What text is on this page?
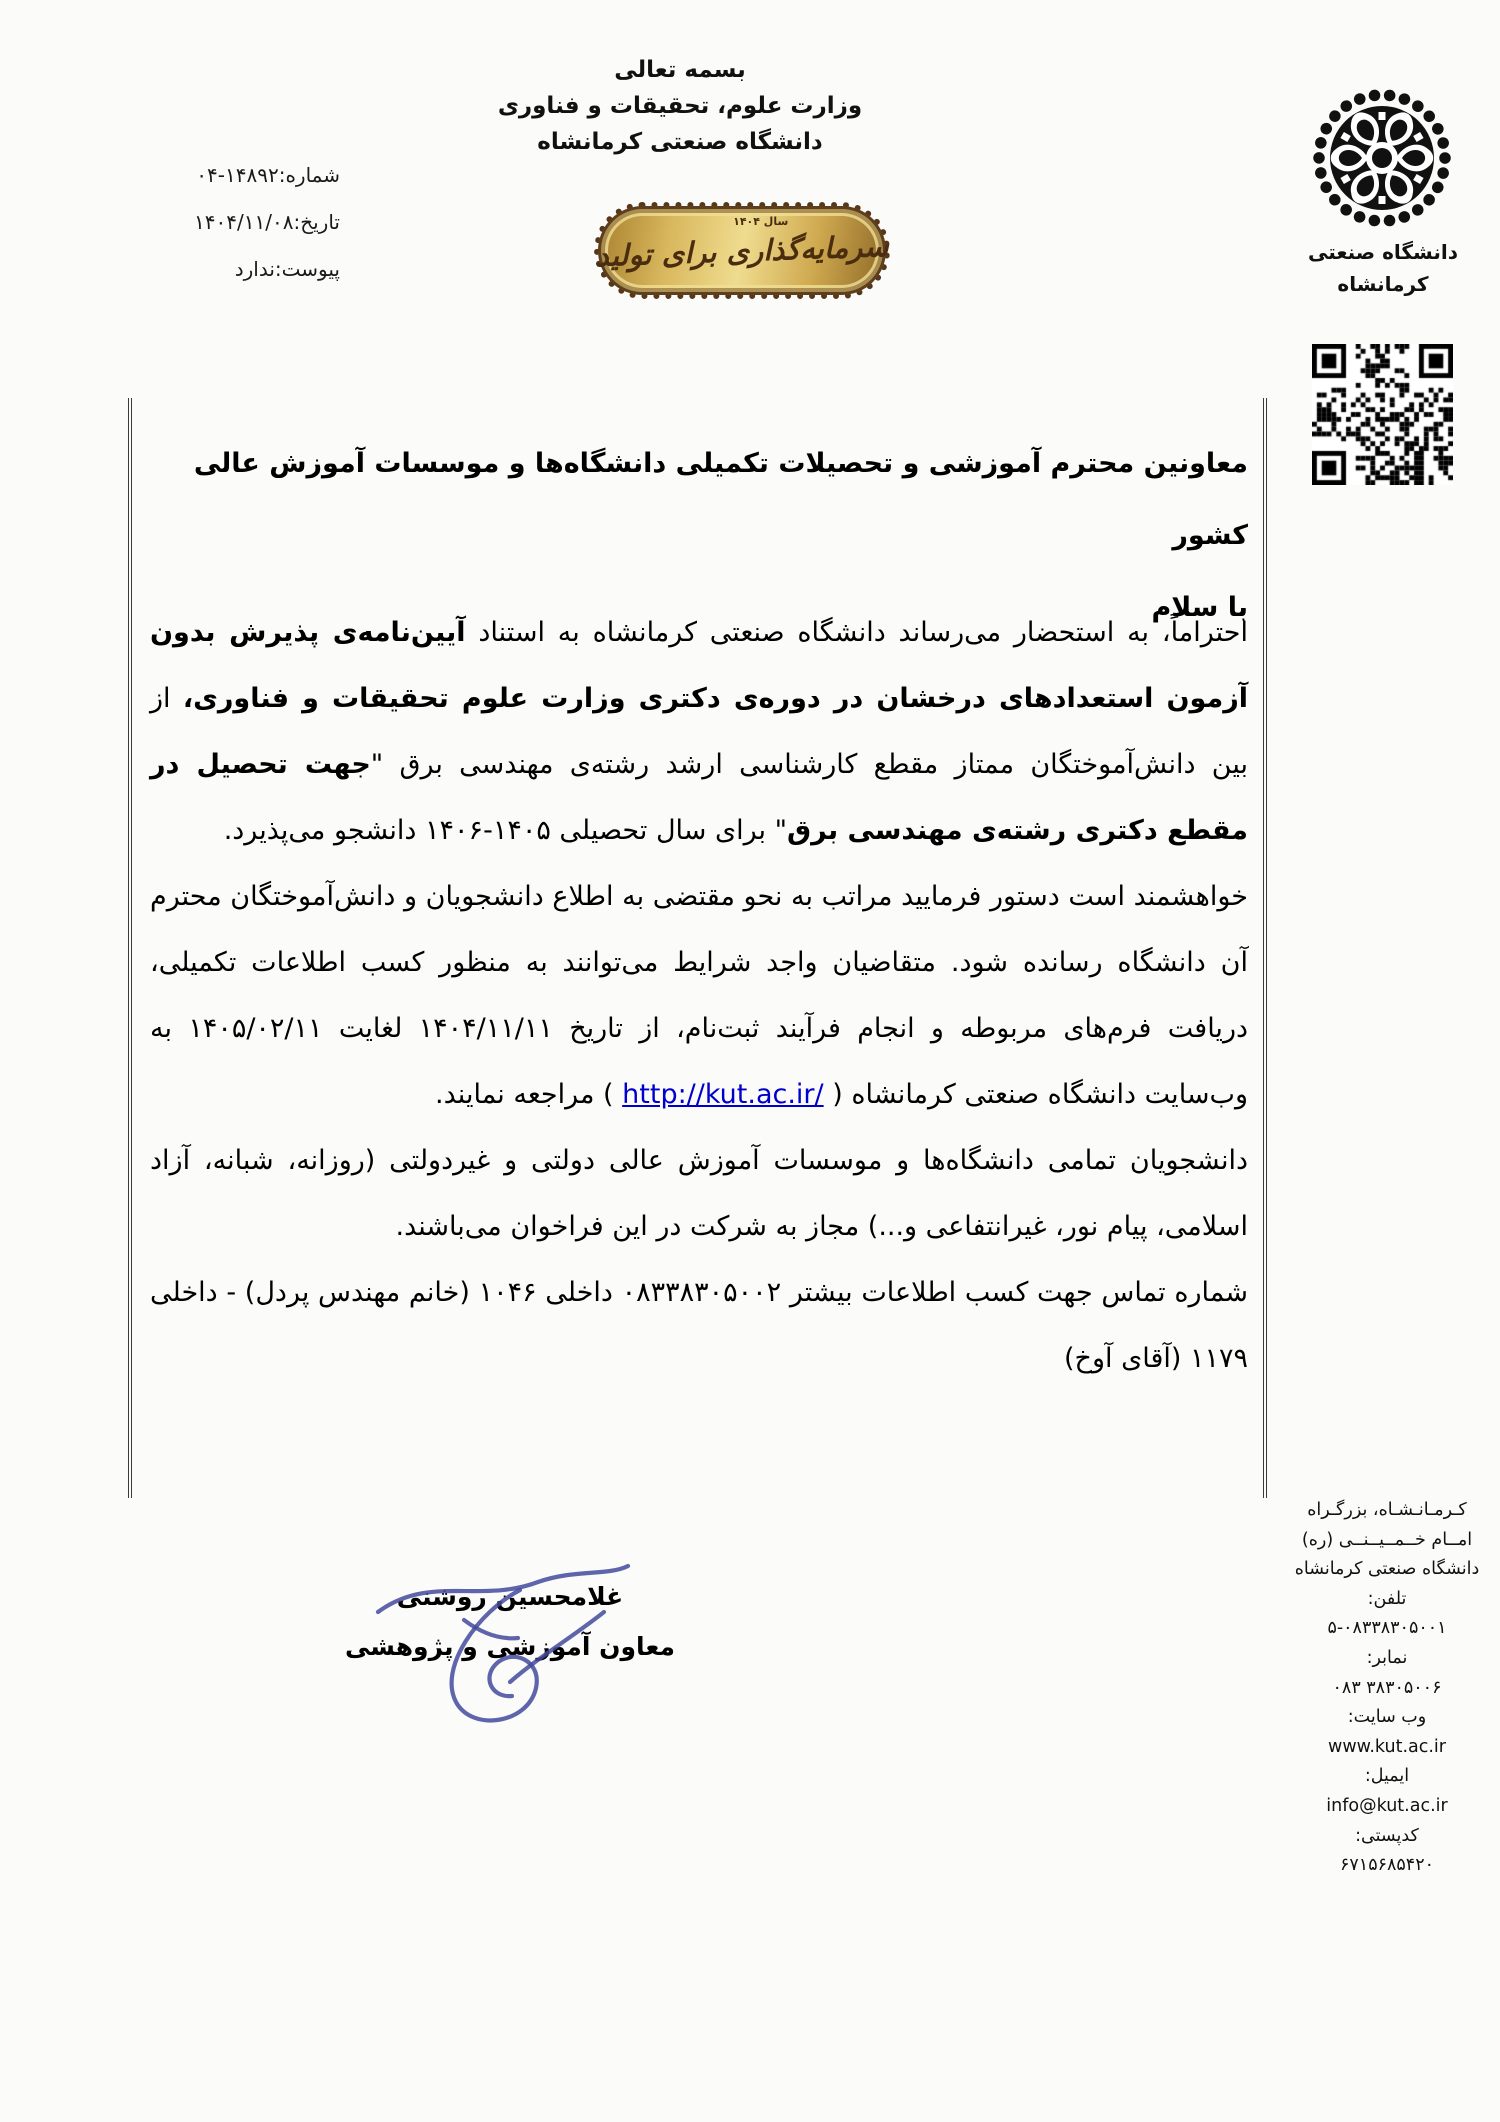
بسمه تعالی
وزارت علوم، تحقیقات و فناوری
دانشگاه صنعتی کرمانشاه
شماره:۱۴۸۹۲-۰۴
تاریخ:۱۴۰۴/۱۱/۰۸
پیوست:ندارد
سال ۱۴۰۴
سرمایه‌گذاری برای تولید	دانشگاه صنعتی
کرمانشاه
معاونین محترم آموزشی و تحصیلات تکمیلی دانشگاه‌ها و موسسات آموزش عالی کشور
با سلام

احتراماً، به استحضار می‌رساند دانشگاه صنعتی کرمانشاه به استناد آیین‌نامه‌ی پذیرش بدون آزمون استعدادهای درخشان در دوره‌ی دکتری وزارت علوم تحقیقات و فناوری، از بین دانش‌آموختگان ممتاز مقطع کارشناسی ارشد رشته‌ی مهندسی برق "جهت تحصیل در مقطع دکتری رشته‌ی مهندسی برق" برای سال تحصیلی ۱۴۰۵-۱۴۰۶ دانشجو می‌پذیرد.

خواهشمند است دستور فرمایید مراتب به نحو مقتضی به اطلاع دانشجویان و دانش‌آموختگان محترم آن دانشگاه رسانده شود. متقاضیان واجد شرایط می‌توانند به منظور کسب اطلاعات تکمیلی، دریافت فرم‌های مربوطه و انجام فرآیند ثبت‌نام، از تاریخ ۱۴۰۴/۱۱/۱۱ لغایت ۱۴۰۵/۰۲/۱۱ به وب‌سایت دانشگاه صنعتی کرمانشاه ( http://kut.ac.ir/ ) مراجعه نمایند.

دانشجویان تمامی دانشگاه‌ها و موسسات آموزش عالی دولتی و غیردولتی (روزانه، شبانه، آزاد اسلامی، پیام نور، غیرانتفاعی و...) مجاز به شرکت در این فراخوان می‌باشند.

شماره تماس جهت کسب اطلاعات بیشتر ۰۸۳۳۸۳۰۵۰۰۲ داخلی ۱۰۴۶ (خانم مهندس پردل) - داخلی ۱۱۷۹ (آقای آوخ)

غلامحسین روشنی
معاون آموزشی و پژوهشی
کـرمـانـشـاه، بزرگـراه
امــام خــمــیــنــی (ره)
دانشگاه صنعتی کرمانشاه
تلفن:
۵-۰۸۳۳۸۳۰۵۰۰۱
نمابر:
۰۸۳ ۳۸۳۰۵۰۰۶
وب سایت:
www.kut.ac.ir
ایمیل:
info@kut.ac.ir
کدپستی:
۶۷۱۵۶۸۵۴۲۰
